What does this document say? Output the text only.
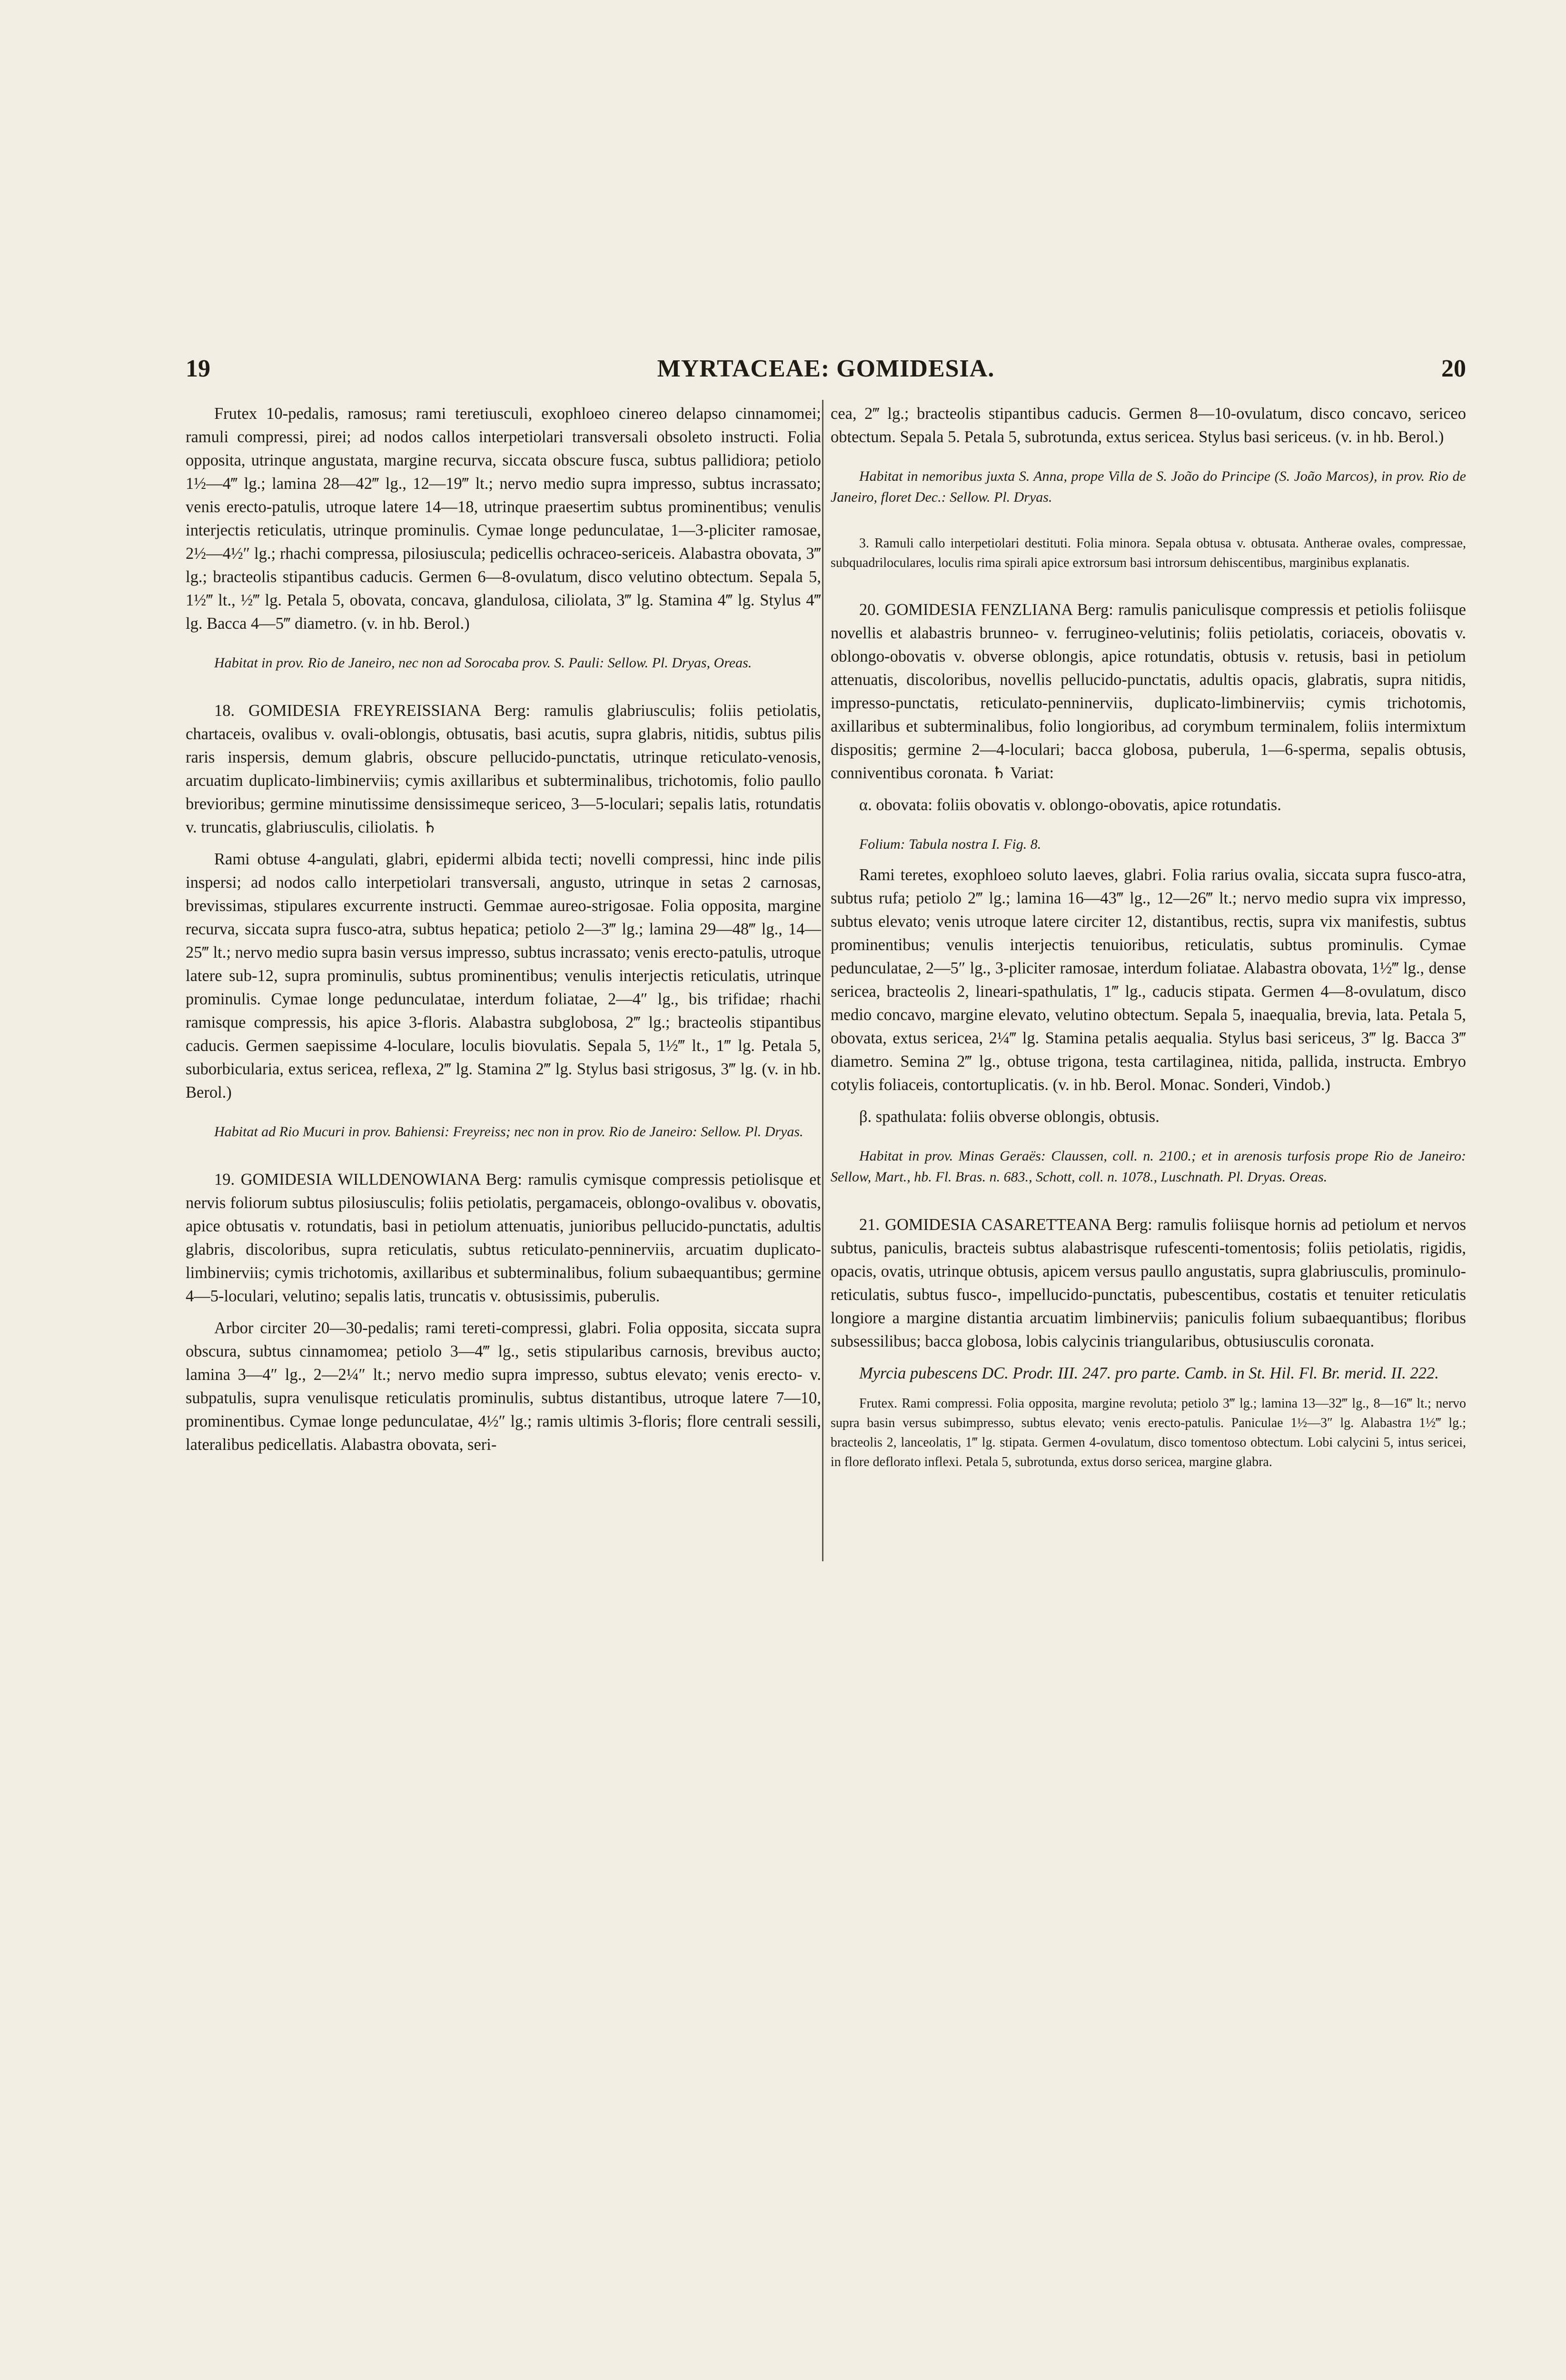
19	MYRTACEAE: GOMIDESIA.	20

Frutex 10-pedalis, ramosus; rami teretiusculi, exophloeo cinereo delapso cinnamomei; ramuli compressi, pirei; ad nodos callos interpetiolari transversali obsoleto instructi. Folia opposita, utrinque angustata, margine recurva, siccata obscure fusca, subtus pallidiora; petiolo 1½—4‴ lg.; lamina 28—42‴ lg., 12—19‴ lt.; nervo medio supra impresso, subtus incrassato; venis erecto-patulis, utroque latere 14—18, utrinque praesertim subtus prominentibus; venulis interjectis reticulatis, utrinque prominulis. Cymae longe pedunculatae, 1—3-pliciter ramosae, 2½—4½″ lg.; rhachi compressa, pilosiuscula; pedicellis ochraceo-sericeis. Alabastra obovata, 3‴ lg.; bracteolis stipantibus caducis. Germen 6—8-ovulatum, disco velutino obtectum. Sepala 5, 1½‴ lt., ½‴ lg. Petala 5, obovata, concava, glandulosa, ciliolata, 3‴ lg. Stamina 4‴ lg. Stylus 4‴ lg. Bacca 4—5‴ diametro. (v. in hb. Berol.)

Habitat in prov. Rio de Janeiro, nec non ad Sorocaba prov. S. Pauli: Sellow. Pl. Dryas, Oreas.

18. GOMIDESIA FREYREISSIANA Berg: ramulis glabriusculis; foliis petiolatis, chartaceis, ovalibus v. ovali-oblongis, obtusatis, basi acutis, supra glabris, nitidis, subtus pilis raris inspersis, demum glabris, obscure pellucido-punctatis, utrinque reticulato-venosis, arcuatim duplicato-limbinerviis; cymis axillaribus et subterminalibus, trichotomis, folio paullo brevioribus; germine minutissime densissimeque sericeo, 3—5-loculari; sepalis latis, rotundatis v. truncatis, glabriusculis, ciliolatis. ♄

Rami obtuse 4-angulati, glabri, epidermi albida tecti; novelli compressi, hinc inde pilis inspersi; ad nodos callo interpetiolari transversali, angusto, utrinque in setas 2 carnosas, brevissimas, stipulares excurrente instructi. Gemmae aureo-strigosae. Folia opposita, margine recurva, siccata supra fusco-atra, subtus hepatica; petiolo 2—3‴ lg.; lamina 29—48‴ lg., 14—25‴ lt.; nervo medio supra basin versus impresso, subtus incrassato; venis erecto-patulis, utroque latere sub-12, supra prominulis, subtus prominentibus; venulis interjectis reticulatis, utrinque prominulis. Cymae longe pedunculatae, interdum foliatae, 2—4″ lg., bis trifidae; rhachi ramisque compressis, his apice 3-floris. Alabastra subglobosa, 2‴ lg.; bracteolis stipantibus caducis. Germen saepissime 4-loculare, loculis biovulatis. Sepala 5, 1½‴ lt., 1‴ lg. Petala 5, suborbicularia, extus sericea, reflexa, 2‴ lg. Stamina 2‴ lg. Stylus basi strigosus, 3‴ lg. (v. in hb. Berol.)

Habitat ad Rio Mucuri in prov. Bahiensi: Freyreiss; nec non in prov. Rio de Janeiro: Sellow. Pl. Dryas.

19. GOMIDESIA WILLDENOWIANA Berg: ramulis cymisque compressis petiolisque et nervis foliorum subtus pilosiusculis; foliis petiolatis, pergamaceis, oblongo-ovalibus v. obovatis, apice obtusatis v. rotundatis, basi in petiolum attenuatis, junioribus pellucido-punctatis, adultis glabris, discoloribus, supra reticulatis, subtus reticulato-penninerviis, arcuatim duplicato-limbinerviis; cymis trichotomis, axillaribus et subterminalibus, folium subaequantibus; germine 4—5-loculari, velutino; sepalis latis, truncatis v. obtusissimis, puberulis.

Arbor circiter 20—30-pedalis; rami tereti-compressi, glabri. Folia opposita, siccata supra obscura, subtus cinnamomea; petiolo 3—4‴ lg., setis stipularibus carnosis, brevibus aucto; lamina 3—4″ lg., 2—2¼″ lt.; nervo medio supra impresso, subtus elevato; venis erecto- v. subpatulis, supra venulisque reticulatis prominulis, subtus distantibus, utroque latere 7—10, prominentibus. Cymae longe pedunculatae, 4½″ lg.; ramis ultimis 3-floris; flore centrali sessili, lateralibus pedicellatis. Alabastra obovata, seri-

cea, 2‴ lg.; bracteolis stipantibus caducis. Germen 8—10-ovulatum, disco concavo, sericeo obtectum. Sepala 5. Petala 5, subrotunda, extus sericea. Stylus basi sericeus. (v. in hb. Berol.)

Habitat in nemoribus juxta S. Anna, prope Villa de S. João do Principe (S. João Marcos), in prov. Rio de Janeiro, floret Dec.: Sellow. Pl. Dryas.

3. Ramuli callo interpetiolari destituti. Folia minora. Sepala obtusa v. obtusata. Antherae ovales, compressae, subquadriloculares, loculis rima spirali apice extrorsum basi introrsum dehiscentibus, marginibus explanatis.

20. GOMIDESIA FENZLIANA Berg: ramulis paniculisque compressis et petiolis foliisque novellis et alabastris brunneo- v. ferrugineo-velutinis; foliis petiolatis, coriaceis, obovatis v. oblongo-obovatis v. obverse oblongis, apice rotundatis, obtusis v. retusis, basi in petiolum attenuatis, discoloribus, novellis pellucido-punctatis, adultis opacis, glabratis, supra nitidis, impresso-punctatis, reticulato-penninerviis, duplicato-limbinerviis; cymis trichotomis, axillaribus et subterminalibus, folio longioribus, ad corymbum terminalem, foliis intermixtum dispositis; germine 2—4-loculari; bacca globosa, puberula, 1—6-sperma, sepalis obtusis, conniventibus coronata. ♄ Variat:

α. obovata: foliis obovatis v. oblongo-obovatis, apice rotundatis.

Folium: Tabula nostra I. Fig. 8.

Rami teretes, exophloeo soluto laeves, glabri. Folia rarius ovalia, siccata supra fusco-atra, subtus rufa; petiolo 2‴ lg.; lamina 16—43‴ lg., 12—26‴ lt.; nervo medio supra vix impresso, subtus elevato; venis utroque latere circiter 12, distantibus, rectis, supra vix manifestis, subtus prominentibus; venulis interjectis tenuioribus, reticulatis, subtus prominulis. Cymae pedunculatae, 2—5″ lg., 3-pliciter ramosae, interdum foliatae. Alabastra obovata, 1½‴ lg., dense sericea, bracteolis 2, lineari-spathulatis, 1‴ lg., caducis stipata. Germen 4—8-ovulatum, disco medio concavo, margine elevato, velutino obtectum. Sepala 5, inaequalia, brevia, lata. Petala 5, obovata, extus sericea, 2¼‴ lg. Stamina petalis aequalia. Stylus basi sericeus, 3‴ lg. Bacca 3‴ diametro. Semina 2‴ lg., obtuse trigona, testa cartilaginea, nitida, pallida, instructa. Embryo cotylis foliaceis, contortuplicatis. (v. in hb. Berol. Monac. Sonderi, Vindob.)

β. spathulata: foliis obverse oblongis, obtusis.

Habitat in prov. Minas Geraës: Claussen, coll. n. 2100.; et in arenosis turfosis prope Rio de Janeiro: Sellow, Mart., hb. Fl. Bras. n. 683., Schott, coll. n. 1078., Luschnath. Pl. Dryas. Oreas.

21. GOMIDESIA CASARETTEANA Berg: ramulis foliisque hornis ad petiolum et nervos subtus, paniculis, bracteis subtus alabastrisque rufescenti-tomentosis; foliis petiolatis, rigidis, opacis, ovatis, utrinque obtusis, apicem versus paullo angustatis, supra glabriusculis, prominulo-reticulatis, subtus fusco-, impellucido-punctatis, pubescentibus, costatis et tenuiter reticulatis longiore a margine distantia arcuatim limbinerviis; paniculis folium subaequantibus; floribus subsessilibus; bacca globosa, lobis calycinis triangularibus, obtusiusculis coronata.

Myrcia pubescens DC. Prodr. III. 247. pro parte. Camb. in St. Hil. Fl. Br. merid. II. 222.

Frutex. Rami compressi. Folia opposita, margine revoluta; petiolo 3‴ lg.; lamina 13—32‴ lg., 8—16‴ lt.; nervo supra basin versus subimpresso, subtus elevato; venis erecto-patulis. Paniculae 1½—3″ lg. Alabastra 1½‴ lg.; bracteolis 2, lanceolatis, 1‴ lg. stipata. Germen 4-ovulatum, disco tomentoso obtectum. Lobi calycini 5, intus sericei, in flore deflorato inflexi. Petala 5, subrotunda, extus dorso sericea, margine glabra.
